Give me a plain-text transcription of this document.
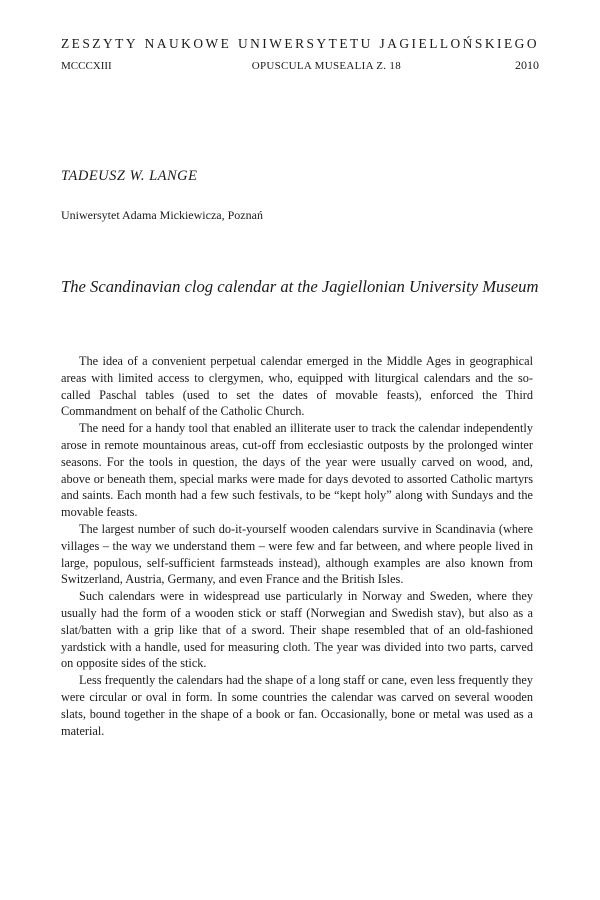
ZESZYTY NAUKOWE UNIWERSYTETU JAGIELLOŃSKIEGO
MCCCXIII	OPUSCULA MUSEALIA Z. 18	2010
TADEUSZ W. LANGE
Uniwersytet Adama Mickiewicza, Poznań
The Scandinavian clog calendar at the Jagiellonian University Museum

The idea of a convenient perpetual calendar emerged in the Middle Ages in geographical areas with limited access to clergymen, who, equipped with liturgical calendars and the so-called Paschal tables (used to set the dates of movable feasts), enforced the Third Commandment on behalf of the Catholic Church.

The need for a handy tool that enabled an illiterate user to track the calendar independently arose in remote mountainous areas, cut-off from ecclesiastic outposts by the prolonged winter seasons. For the tools in question, the days of the year were usually carved on wood, and, above or beneath them, special marks were made for days devoted to assorted Catholic martyrs and saints. Each month had a few such festivals, to be “kept holy” along with Sundays and the movable feasts.

The largest number of such do-it-yourself wooden calendars survive in Scandinavia (where villages – the way we understand them – were few and far between, and where people lived in large, populous, self-sufficient farmsteads instead), although examples are also known from Switzerland, Austria, Germany, and even France and the British Isles.

Such calendars were in widespread use particularly in Norway and Sweden, where they usually had the form of a wooden stick or staff (Norwegian and Swedish stav), but also as a slat/batten with a grip like that of a sword. Their shape resembled that of an old-fashioned yardstick with a handle, used for measuring cloth. The year was divided into two parts, carved on opposite sides of the stick.

Less frequently the calendars had the shape of a long staff or cane, even less frequently they were circular or oval in form. In some countries the calendar was carved on several wooden slats, bound together in the shape of a book or fan. Occasionally, bone or metal was used as a material.
